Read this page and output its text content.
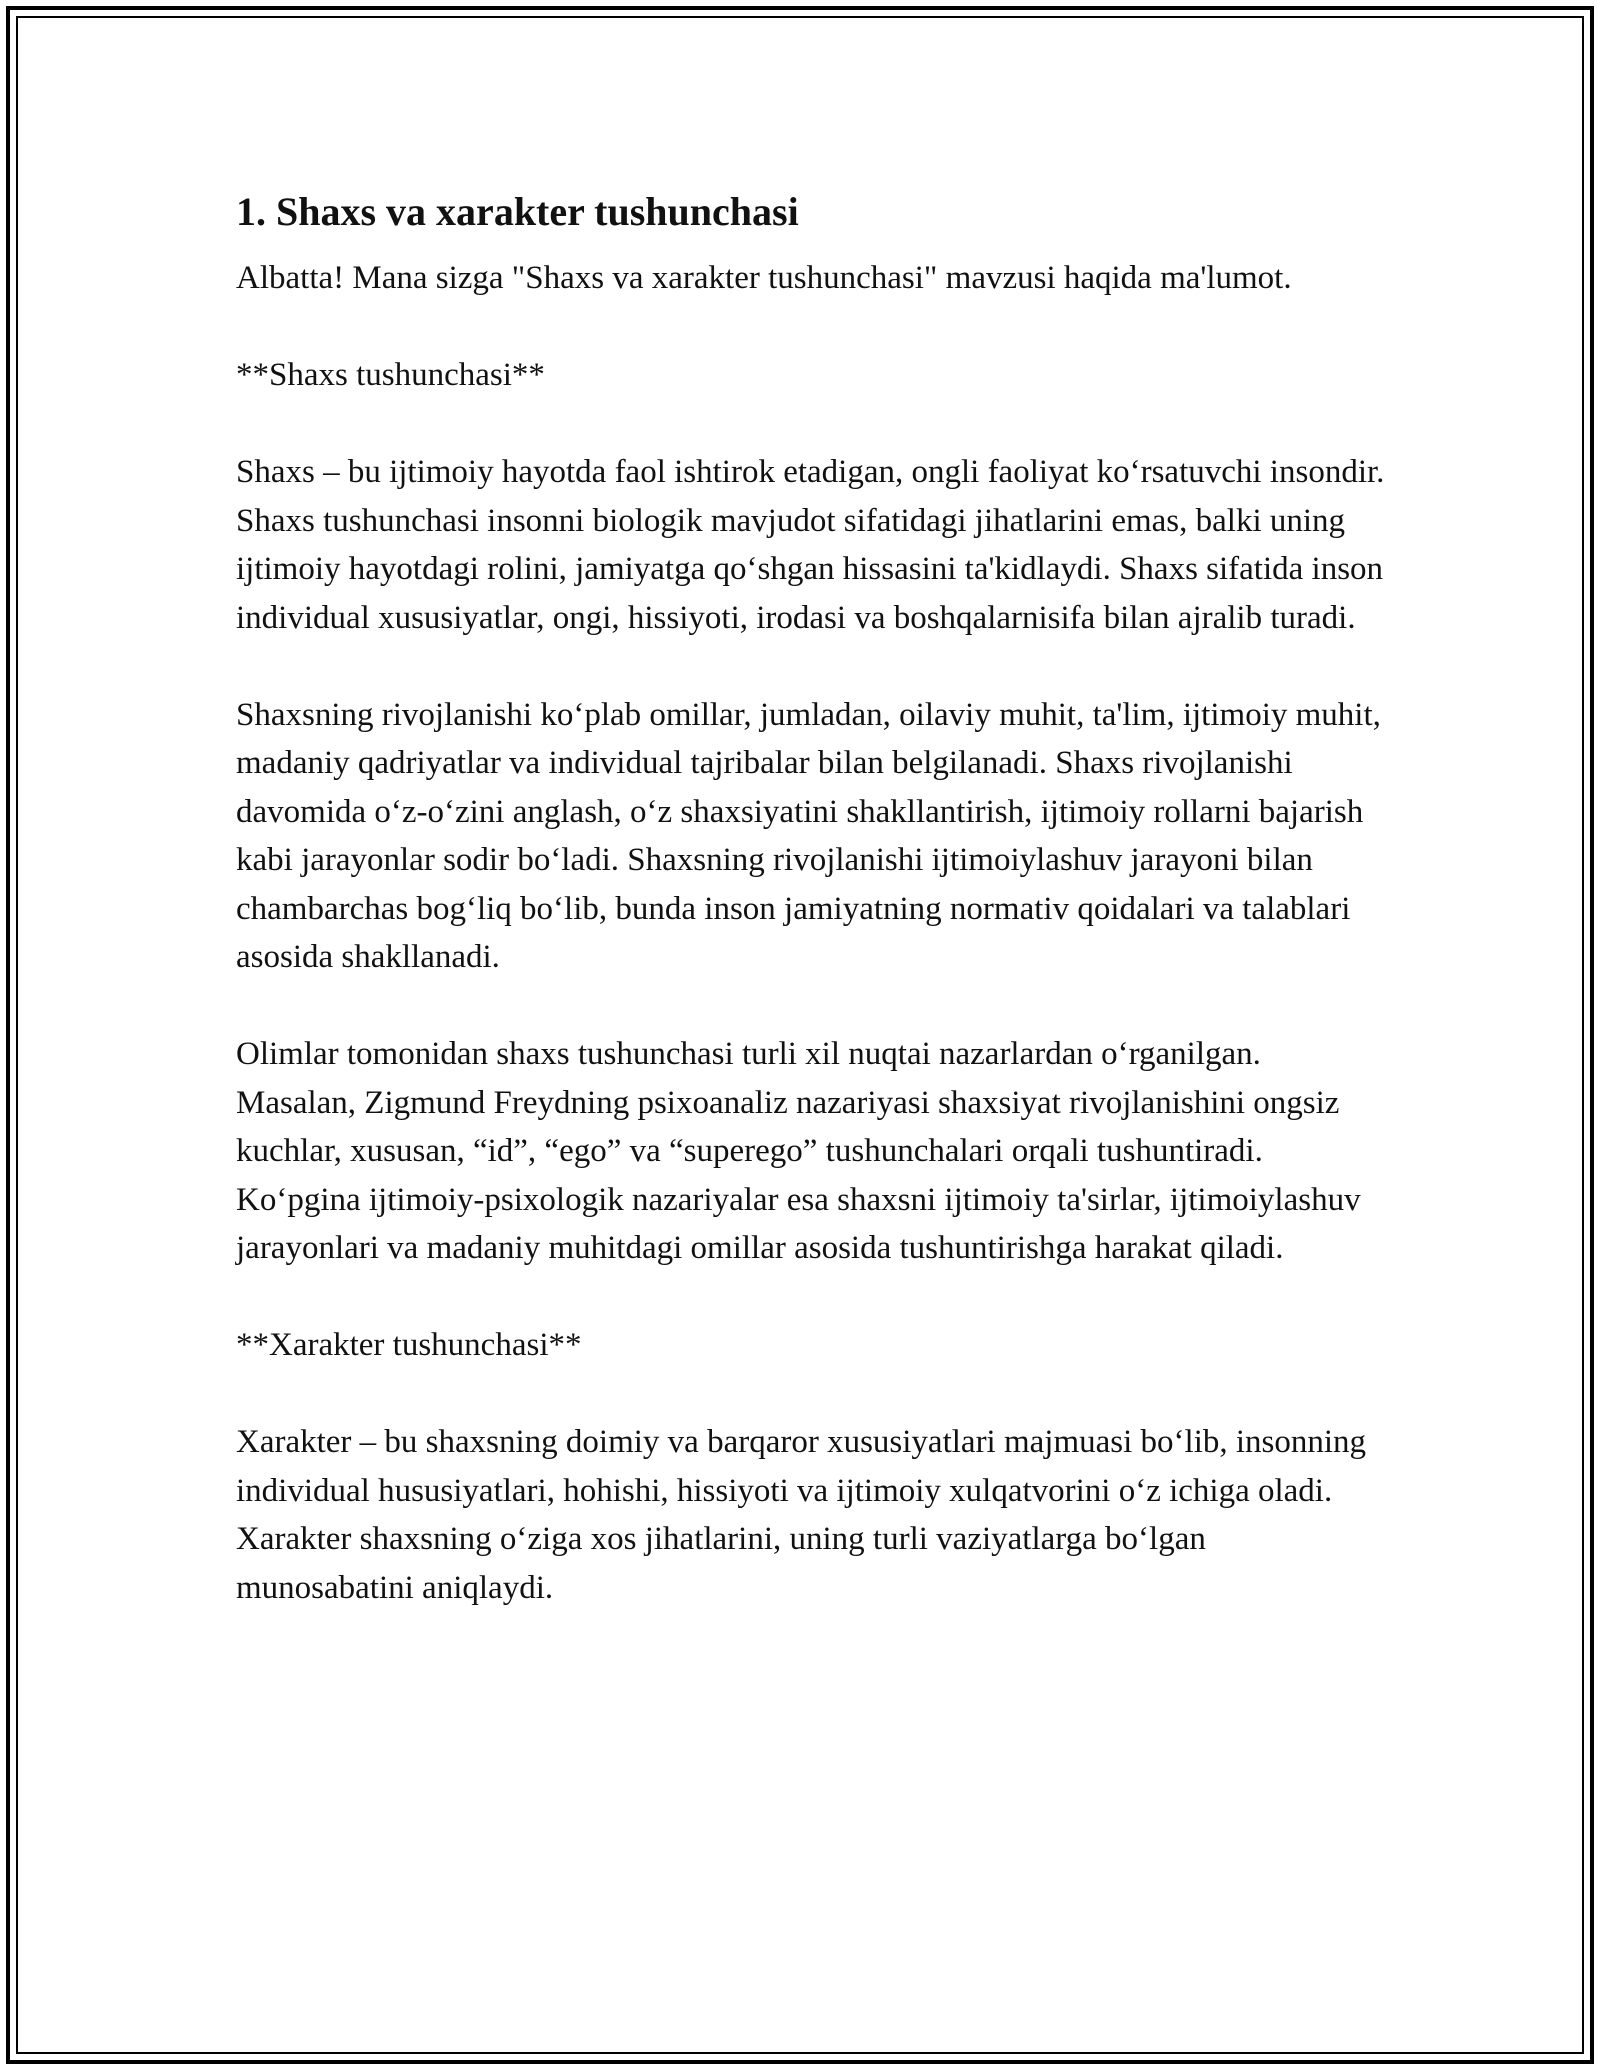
1. Shaxs va xarakter tushunchasi

Albatta! Mana sizga "Shaxs va xarakter tushunchasi" mavzusi haqida ma'lumot.

**Shaxs tushunchasi**

Shaxs – bu ijtimoiy hayotda faol ishtirok etadigan, ongli faoliyat koʻrsatuvchi insondir. Shaxs tushunchasi insonni biologik mavjudot sifatidagi jihatlarini emas, balki uning ijtimoiy hayotdagi rolini, jamiyatga qoʻshgan hissasini ta'kidlaydi. Shaxs sifatida inson individual xususiyatlar, ongi, hissiyoti, irodasi va boshqalarnisifa bilan ajralib turadi.

Shaxsning rivojlanishi koʻplab omillar, jumladan, oilaviy muhit, ta'lim, ijtimoiy muhit, madaniy qadriyatlar va individual tajribalar bilan belgilanadi. Shaxs rivojlanishi davomida oʻz-oʻzini anglash, oʻz shaxsiyatini shakllantirish, ijtimoiy rollarni bajarish kabi jarayonlar sodir boʻladi. Shaxsning rivojlanishi ijtimoiylashuv jarayoni bilan chambarchas bogʻliq boʻlib, bunda inson jamiyatning normativ qoidalari va talablari asosida shakllanadi.

Olimlar tomonidan shaxs tushunchasi turli xil nuqtai nazarlardan oʻrganilgan. Masalan, Zigmund Freydning psixoanaliz nazariyasi shaxsiyat rivojlanishini ongsiz kuchlar, xususan, “id”, “ego” va “superego” tushunchalari orqali tushuntiradi. Koʻpgina ijtimoiy-psixologik nazariyalar esa shaxsni ijtimoiy ta'sirlar, ijtimoiylashuv jarayonlari va madaniy muhitdagi omillar asosida tushuntirishga harakat qiladi.

**Xarakter tushunchasi**

Xarakter – bu shaxsning doimiy va barqaror xususiyatlari majmuasi boʻlib, insonning individual hususiyatlari, hohishi, hissiyoti va ijtimoiy xulqatvorini oʻz ichiga oladi. Xarakter shaxsning oʻziga xos jihatlarini, uning turli vaziyatlarga boʻlgan munosabatini aniqlaydi.
